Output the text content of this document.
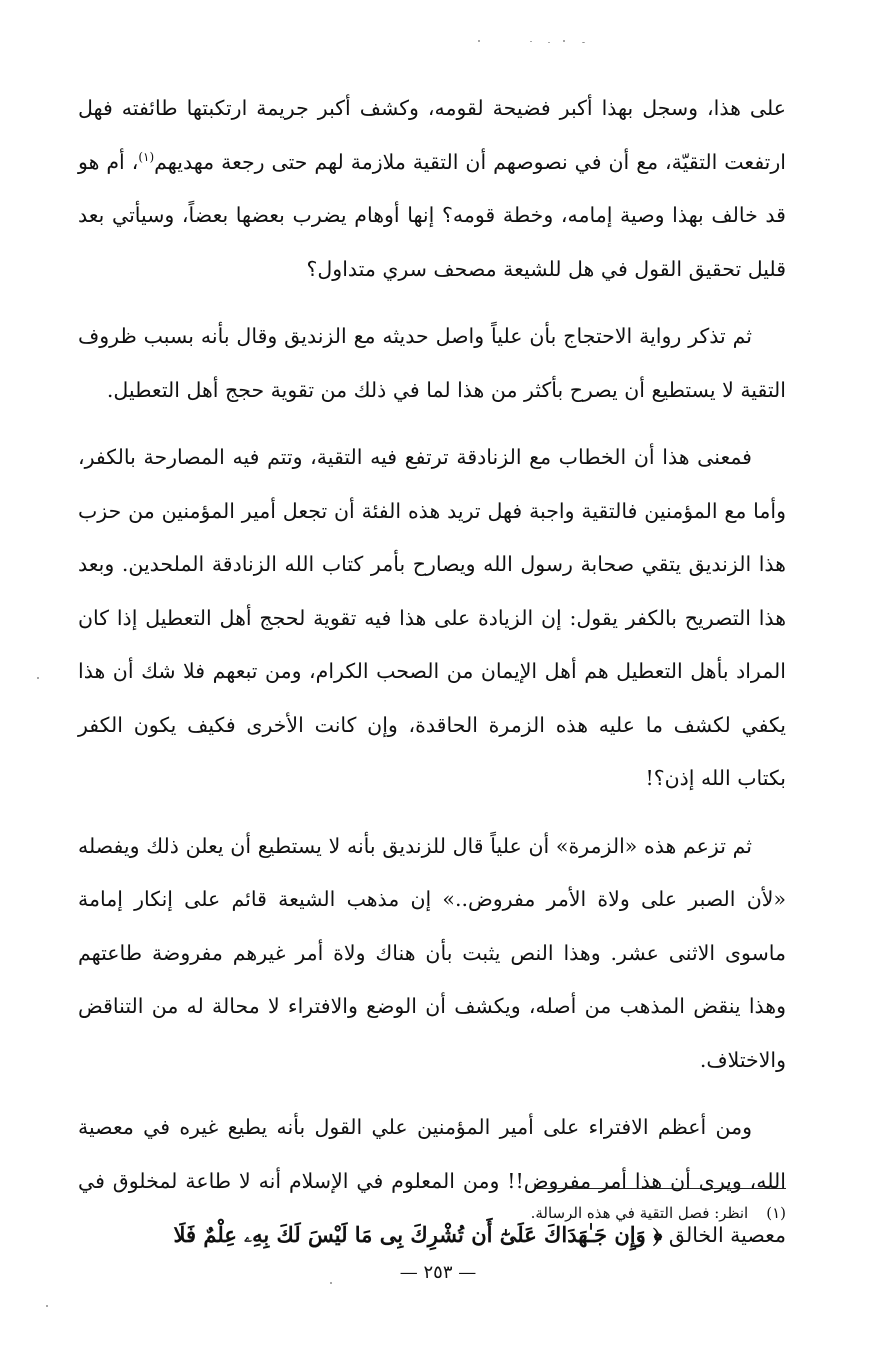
على هذا، وسجل بهذا أكبر فضيحة لقومه، وكشف أكبر جريمة ارتكبتها طائفته فهل ارتفعت التقيّة، مع أن في نصوصهم أن التقية ملازمة لهم حتى رجعة مهديهم$^{(١)}$، أم هو قد خالف بهذا وصية إمامه، وخطة قومه؟ إنها أوهام يضرب بعضها بعضاً، وسيأتي بعد قليل تحقيق القول في هل للشيعة مصحف سري متداول؟

ثم تذكر رواية الاحتجاج بأن علياً واصل حديثه مع الزنديق وقال بأنه بسبب ظروف التقية لا يستطيع أن يصرح بأكثر من هذا لما في ذلك من تقوية حجج أهل التعطيل.

فمعنى هذا أن الخطاب مع الزنادقة ترتفع فيه التقية، وتتم فيه المصارحة بالكفر، وأما مع المؤمنين فالتقية واجبة فهل تريد هذه الفئة أن تجعل أمير المؤمنين من حزب هذا الزنديق يتقي صحابة رسول الله ويصارح بأمر كتاب الله الزنادقة الملحدين. وبعد هذا التصريح بالكفر يقول: إن الزيادة على هذا فيه تقوية لحجج أهل التعطيل إذا كان المراد بأهل التعطيل هم أهل الإيمان من الصحب الكرام، ومن تبعهم فلا شك أن هذا يكفي لكشف ما عليه هذه الزمرة الحاقدة، وإن كانت الأخرى فكيف يكون الكفر بكتاب الله إذن؟!

ثم تزعم هذه «الزمرة» أن علياً قال للزنديق بأنه لا يستطيع أن يعلن ذلك ويفصله «لأن الصبر على ولاة الأمر مفروض..» إن مذهب الشيعة قائم على إنكار إمامة ماسوى الاثنى عشر. وهذا النص يثبت بأن هناك ولاة أمر غيرهم مفروضة طاعتهم وهذا ينقض المذهب من أصله، ويكشف أن الوضع والافتراء لا محالة له من التناقض والاختلاف.

ومن أعظم الافتراء على أمير المؤمنين علي القول بأنه يطيع غيره في معصية الله، ويرى أن هذا أمر مفروض!! ومن المعلوم في الإسلام أنه لا طاعة لمخلوق في معصية الخالق ﴿ وَإِن جَـٰهَدَاكَ عَلَىٰٓ أَن تُشْرِكَ بِى مَا لَيْسَ لَكَ بِهِۦ عِلْمٌ فَلَا

(١)انظر: فصل التقية في هذه الرسالة.
— ٢٥٣ —
